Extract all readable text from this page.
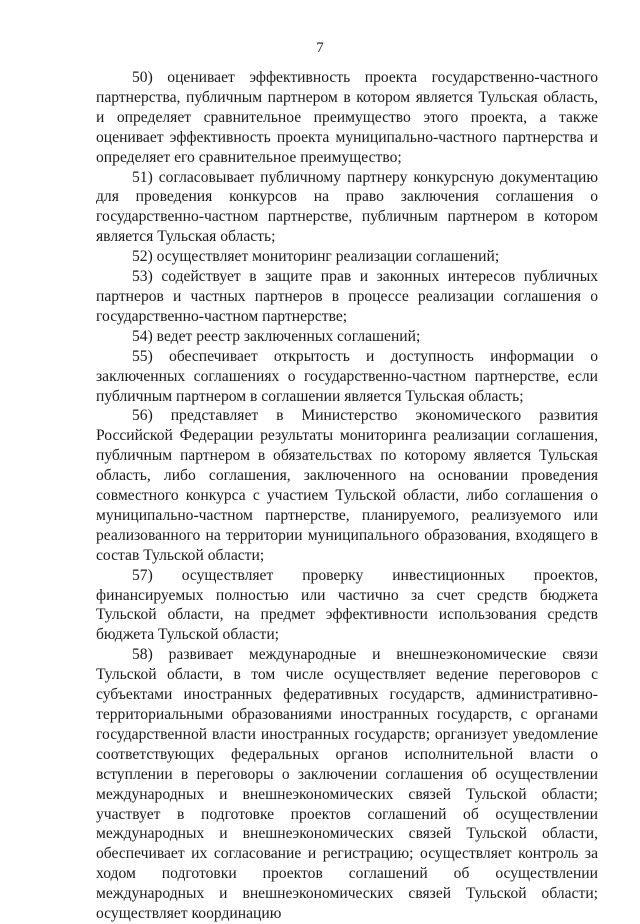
7

50) оценивает эффективность проекта государственно-частного партнерства, публичным партнером в котором является Тульская область, и определяет сравнительное преимущество этого проекта, а также оценивает эффективность проекта муниципально-частного партнерства и определяет его сравнительное преимущество;

51) согласовывает публичному партнеру конкурсную документацию для проведения конкурсов на право заключения соглашения о государственно-частном партнерстве, публичным партнером в котором является Тульская область;

52) осуществляет мониторинг реализации соглашений;

53) содействует в защите прав и законных интересов публичных партнеров и частных партнеров в процессе реализации соглашения о государственно-частном партнерстве;

54) ведет реестр заключенных соглашений;

55) обеспечивает открытость и доступность информации о заключенных соглашениях о государственно-частном партнерстве, если публичным партнером в соглашении является Тульская область;

56) представляет в Министерство экономического развития Российской Федерации результаты мониторинга реализации соглашения, публичным партнером в обязательствах по которому является Тульская область, либо соглашения, заключенного на основании проведения совместного конкурса с участием Тульской области, либо соглашения о муниципально-частном партнерстве, планируемого, реализуемого или реализованного на территории муниципального образования, входящего в состав Тульской области;

57) осуществляет проверку инвестиционных проектов, финансируемых полностью или частично за счет средств бюджета Тульской области, на предмет эффективности использования средств бюджета Тульской области;

58) развивает международные и внешнеэкономические связи Тульской области, в том числе осуществляет ведение переговоров с субъектами иностранных федеративных государств, административно-территориальными образованиями иностранных государств, с органами государственной власти иностранных государств; организует уведомление соответствующих федеральных органов исполнительной власти о вступлении в переговоры о заключении соглашения об осуществлении международных и внешнеэкономических связей Тульской области; участвует в подготовке проектов соглашений об осуществлении международных и внешнеэкономических связей Тульской области, обеспечивает их согласование и регистрацию; осуществляет контроль за ходом подготовки проектов соглашений об осуществлении международных и внешнеэкономических связей Тульской области; осуществляет координацию
